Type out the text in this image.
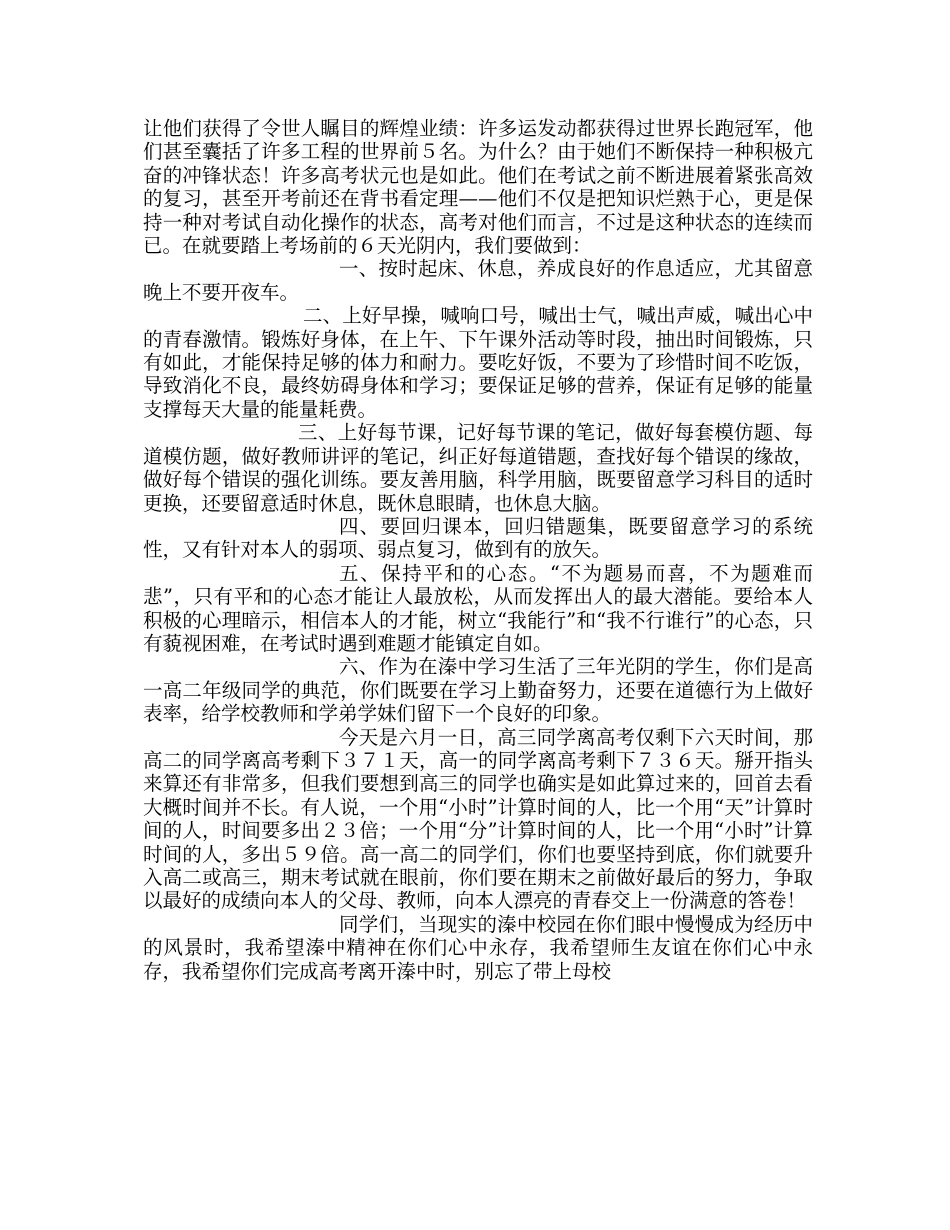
让他们获得了令世人瞩目的辉煌业绩：许多运发动都获得过世界长跑冠军，他们甚至囊括了许多工程的世界前５名。为什么？由于她们不断保持一种积极亢奋的冲锋状态！许多高考状元也是如此。他们在考试之前不断进展着紧张高效的复习，甚至开考前还在背书看定理——他们不仅是把知识烂熟于心，更是保持一种对考试自动化操作的状态，高考对他们而言，不过是这种状态的连续而已。在就要踏上考场前的６天光阴内，我们要做到：

一、按时起床、休息，养成良好的作息适应，尤其留意晚上不要开夜车。

二、上好早操，喊响口号，喊出士气，喊出声威，喊出心中的青春激情。锻炼好身体，在上午、下午课外活动等时段，抽出时间锻炼，只有如此，才能保持足够的体力和耐力。要吃好饭，不要为了珍惜时间不吃饭，导致消化不良，最终妨碍身体和学习；要保证足够的营养，保证有足够的能量支撑每天大量的能量耗费。

三、上好每节课，记好每节课的笔记，做好每套模仿题、每道模仿题，做好教师讲评的笔记，纠正好每道错题，查找好每个错误的缘故，做好每个错误的强化训练。要友善用脑，科学用脑，既要留意学习科目的适时更换，还要留意适时休息，既休息眼睛，也休息大脑。

四、要回归课本，回归错题集，既要留意学习的系统性，又有针对本人的弱项、弱点复习，做到有的放矢。

五、保持平和的心态。“不为题易而喜，不为题难而悲”，只有平和的心态才能让人最放松，从而发挥出人的最大潜能。要给本人积极的心理暗示，相信本人的才能，树立“我能行”和“我不行谁行”的心态，只有藐视困难，在考试时遇到难题才能镇定自如。

六、作为在溱中学习生活了三年光阴的学生，你们是高一高二年级同学的典范，你们既要在学习上勤奋努力，还要在道德行为上做好表率，给学校教师和学弟学妹们留下一个良好的印象。

今天是六月一日，高三同学离高考仅剩下六天时间，那高二的同学离高考剩下３７１天，高一的同学离高考剩下７３６天。掰开指头来算还有非常多，但我们要想到高三的同学也确实是如此算过来的，回首去看大概时间并不长。有人说，一个用“小时”计算时间的人，比一个用“天”计算时间的人，时间要多出２３倍；一个用“分”计算时间的人，比一个用“小时”计算时间的人，多出５９倍。高一高二的同学们，你们也要坚持到底，你们就要升入高二或高三，期末考试就在眼前，你们要在期末之前做好最后的努力，争取以最好的成绩向本人的父母、教师，向本人漂亮的青春交上一份满意的答卷！

同学们，当现实的溱中校园在你们眼中慢慢成为经历中的风景时，我希望溱中精神在你们心中永存，我希望师生友谊在你们心中永存，我希望你们完成高考离开溱中时，别忘了带上母校
